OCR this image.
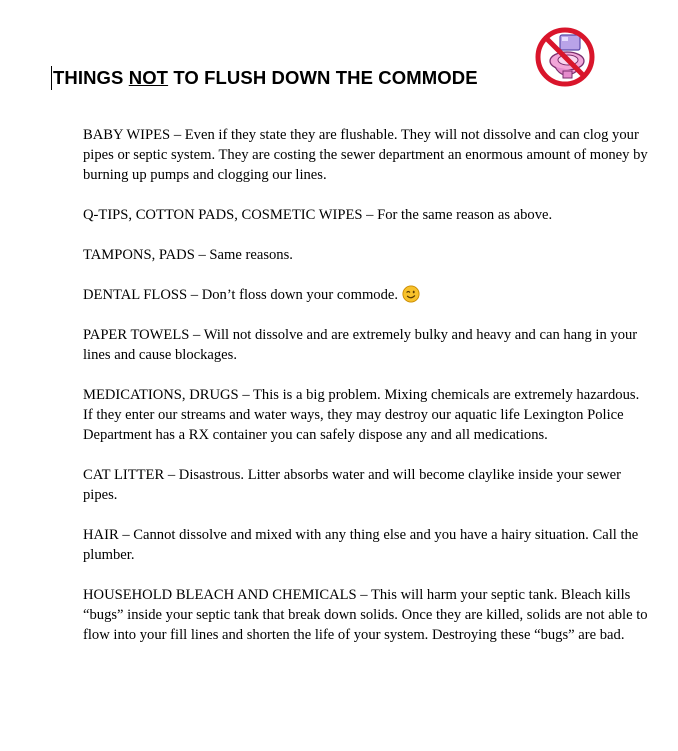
THINGS NOT TO FLUSH DOWN THE COMMODE

BABY WIPES – Even if they state they are flushable. They will not dissolve and can clog your pipes or septic system. They are costing the sewer department an enormous amount of money by burning up pumps and clogging our lines.

Q-TIPS, COTTON PADS, COSMETIC WIPES – For the same reason as above.

TAMPONS, PADS – Same reasons.

DENTAL FLOSS – Don’t floss down your commode.

PAPER TOWELS – Will not dissolve and are extremely bulky and heavy and can hang in your lines and cause blockages.

MEDICATIONS, DRUGS – This is a big problem. Mixing chemicals are extremely hazardous. If they enter our streams and water ways, they may destroy our aquatic life Lexington Police Department has a RX container you can safely dispose any and all medications.

CAT LITTER – Disastrous. Litter absorbs water and will become claylike inside your sewer pipes.

HAIR – Cannot dissolve and mixed with any thing else and you have a hairy situation. Call the plumber.

HOUSEHOLD BLEACH AND CHEMICALS – This will harm your septic tank. Bleach kills “bugs” inside your septic tank that break down solids. Once they are killed, solids are not able to flow into your fill lines and shorten the life of your system. Destroying these “bugs” are bad.
